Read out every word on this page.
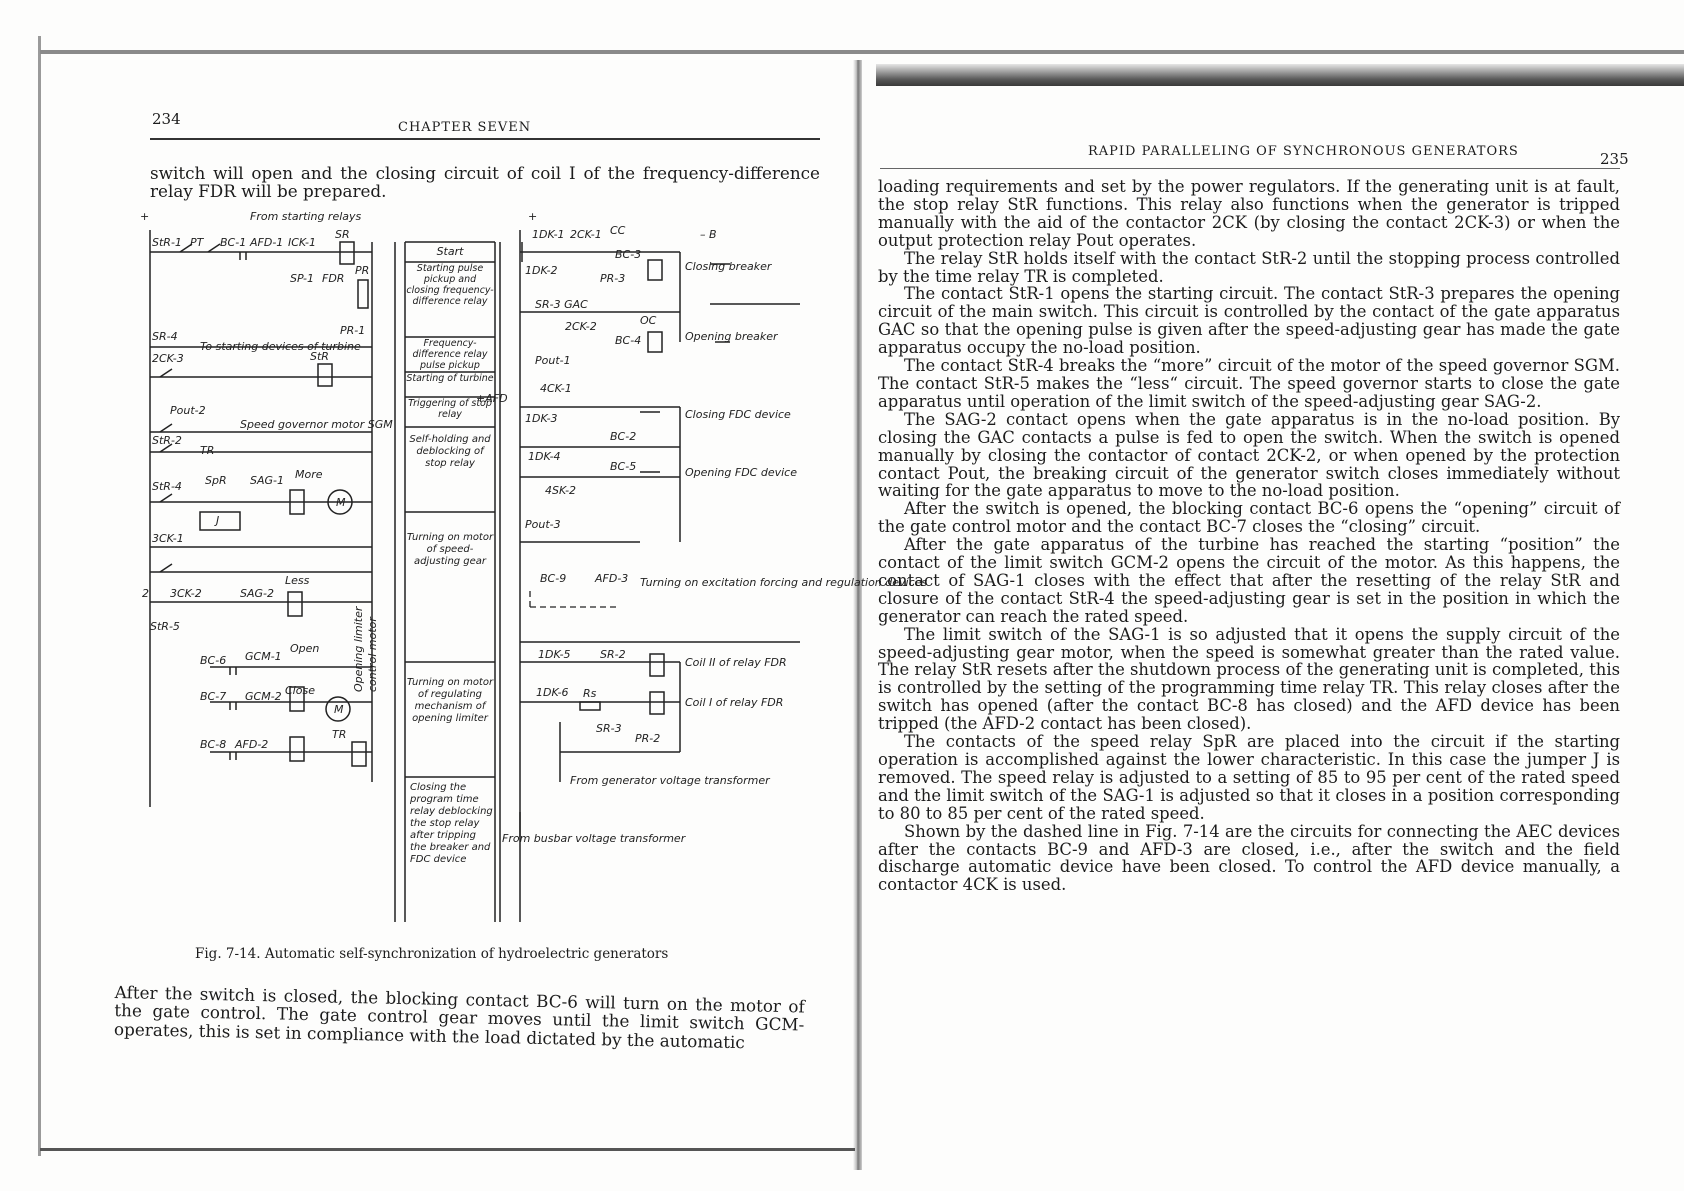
234	CHAPTER SEVEN
switch will open and the closing circuit of coil I of the frequency-difference relay FDR will be prepared.
From starting relays
+	+
– B
StR-1 PT BC-1 AFD-1 ICK-1
SR
SP-1 FDR
PR
PR-1
SR-4
To starting devices of turbine
2CK-3	StR
Pout-2
StR-2
TR
Speed governor motor SGM
More
StR-4 SpR SAG-1
M
J
3CK-1
Less
2 3CK-2	SAG-2
StR-5
Open
BC-6 GCM-1
Close
BC-7 GCM-2
M
TR
BC-8 AFD-2
Opening limiter control motor
CC
1DK-1 2CK-1
BC-3
Closing breaker
1DK-2
PR-3
SR-3 GAC
2CK-2	OC
BC-4	Opening breaker
Pout-1
+AFD
4CK-1
1DK-3
BC-2
Closing FDC device
1DK-4
BC-5	Opening FDC device
4SK-2
Pout-3
BC-9	AFD-3 Turning on excitation forcing and regulation devices
1DK-5	SR-2
Coil II of relay FDR
1DK-6 Rs
Coil I of relay FDR
SR-3
PR-2
From generator voltage transformer
From busbar voltage transformer
Start
Starting pulse pickup and closing frequency-difference relay
Frequency-difference relay pulse pickup
Starting of turbine
Triggering of stop relay
Self-holding and deblocking of stop relay
Turning on motor of speed-adjusting gear
Turning on motor of regulating mechanism of opening limiter
Closing the program time relay deblocking the stop relay after tripping the breaker and FDC device
Fig. 7-14. Automatic self-synchronization of hydroelectric generators
After the switch is closed, the blocking contact BC-6 will turn on the motor of the gate control. The gate control gear moves until the limit switch GCM-operates, this is set in compliance with the load dictated by the automatic
RAPID PARALLELING OF SYNCHRONOUS GENERATORS	235

loading requirements and set by the power regulators. If the generating unit is at fault, the stop relay StR functions. This relay also functions when the generator is tripped manually with the aid of the contactor 2CK (by closing the contact 2CK-3) or when the output protection relay Pout operates.

The relay StR holds itself with the contact StR-2 until the stopping process controlled by the time relay TR is completed.

The contact StR-1 opens the starting circuit. The contact StR-3 prepares the opening circuit of the main switch. This circuit is controlled by the contact of the gate apparatus GAC so that the opening pulse is given after the speed-adjusting gear has made the gate apparatus occupy the no-load position.

The contact StR-4 breaks the “more” circuit of the motor of the speed governor SGM. The contact StR-5 makes the “less“ circuit. The speed governor starts to close the gate apparatus until operation of the limit switch of the speed-adjusting gear SAG-2.

The SAG-2 contact opens when the gate apparatus is in the no-load position. By closing the GAC contacts a pulse is fed to open the switch. When the switch is opened manually by closing the contactor of contact 2CK-2, or when opened by the protection contact Pout, the breaking circuit of the generator switch closes immediately without waiting for the gate apparatus to move to the no-load position.

After the switch is opened, the blocking contact BC-6 opens the “opening” circuit of the gate control motor and the contact BC-7 closes the “closing” circuit.

After the gate apparatus of the turbine has reached the starting “position” the contact of the limit switch GCM-2 opens the circuit of the motor. As this happens, the contact of SAG-1 closes with the effect that after the resetting of the relay StR and closure of the contact StR-4 the speed-adjusting gear is set in the position in which the generator can reach the rated speed.

The limit switch of the SAG-1 is so adjusted that it opens the supply circuit of the speed-adjusting gear motor, when the speed is somewhat greater than the rated value. The relay StR resets after the shutdown process of the generating unit is completed, this is controlled by the setting of the programming time relay TR. This relay closes after the switch has opened (after the contact BC-8 has closed) and the AFD device has been tripped (the AFD-2 contact has been closed).

The contacts of the speed relay SpR are placed into the circuit if the starting operation is accomplished against the lower characteristic. In this case the jumper J is removed. The speed relay is adjusted to a setting of 85 to 95 per cent of the rated speed and the limit switch of the SAG-1 is adjusted so that it closes in a position corresponding to 80 to 85 per cent of the rated speed.

Shown by the dashed line in Fig. 7-14 are the circuits for connecting the AEC devices after the contacts BC-9 and AFD-3 are closed, i.e., after the switch and the field discharge automatic device have been closed. To control the AFD device manually, a contactor 4CK is used.
